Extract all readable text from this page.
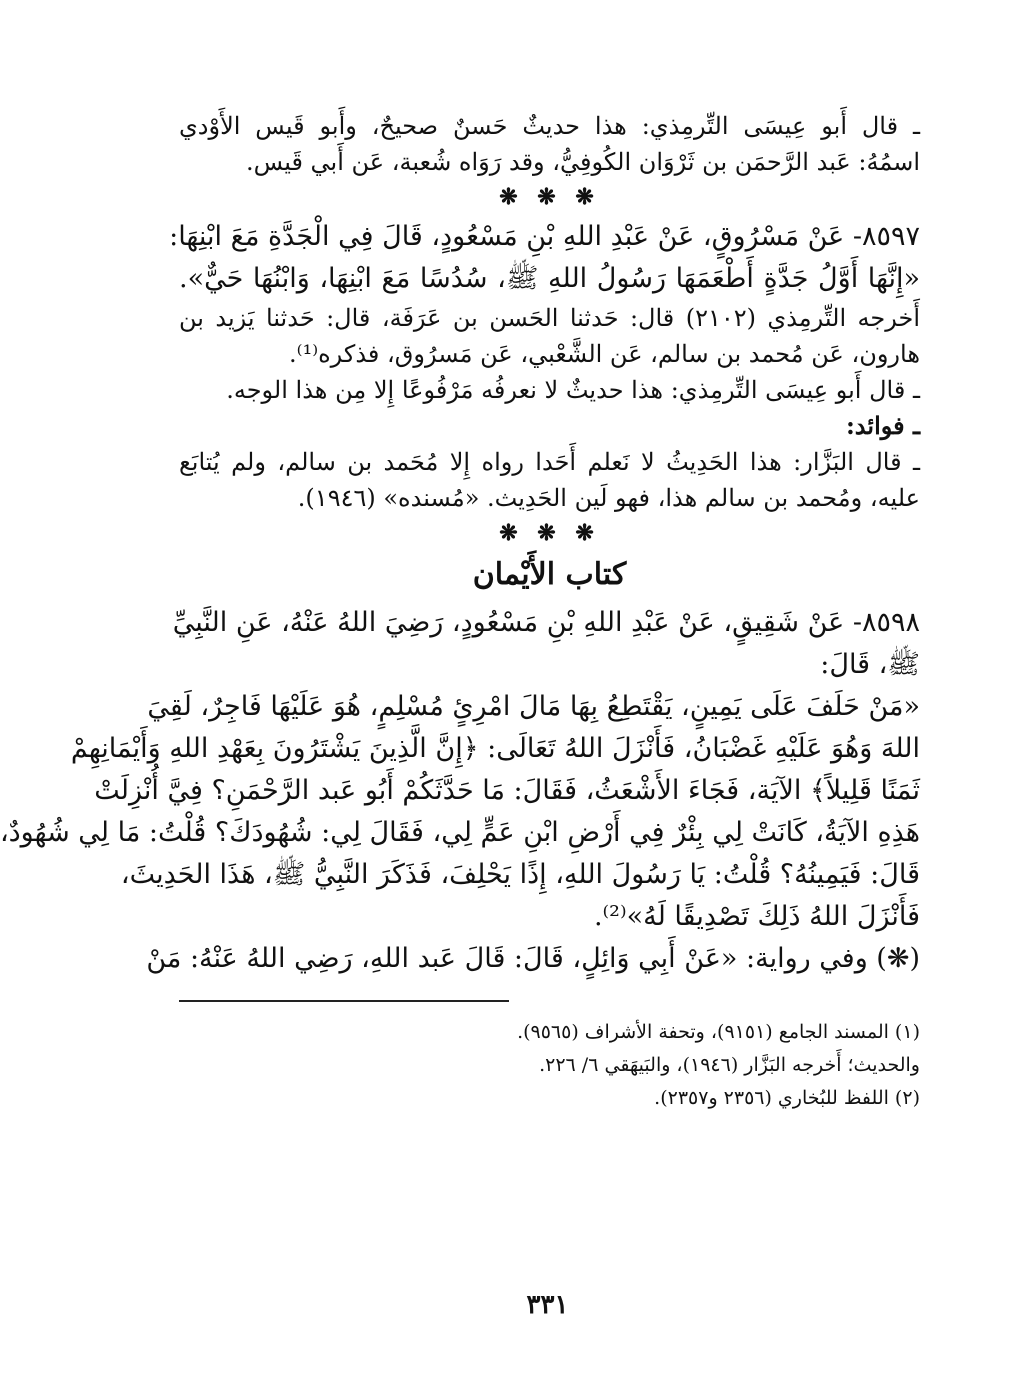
ـ قال أَبو عِيسَى التِّرمِذي: هذا حديثٌ حَسنٌ صحيحٌ، وأَبو قَيس الأَوْدي
اسمُهُ: عَبد الرَّحمَن بن ثَرْوَان الكُوفِيُّ، وقد رَوَاه شُعبة، عَن أَبي قَيس.
❋ ❋ ❋
٨٥٩٧- عَنْ مَسْرُوقٍ، عَنْ عَبْدِ اللهِ بْنِ مَسْعُودٍ، قَالَ فِي الْجَدَّةِ مَعَ ابْنِهَا:
«إِنَّهَا أَوَّلُ جَدَّةٍ أَطْعَمَهَا رَسُولُ اللهِ ﷺ، سُدُسًا مَعَ ابْنِهَا، وَابْنُهَا حَيٌّ».
أَخرجه التِّرمِذي (٢١٠٢) قال: حَدثنا الحَسن بن عَرَفَة، قال: حَدثنا يَزيد بن
هارون، عَن مُحمد بن سالم، عَن الشَّعْبي، عَن مَسرُوق، فذكره⁽¹⁾.
ـ قال أَبو عِيسَى التِّرمِذي: هذا حديثٌ لا نعرفُه مَرْفُوعًا إِلا مِن هذا الوجه.
ـ فوائد:
ـ قال البَزَّار: هذا الحَدِيثُ لا نَعلم أَحَدا رواه إِلا مُحَمد بن سالم، ولم يُتابَع
عليه، ومُحمد بن سالم هذا، فهو لَين الحَدِيث. «مُسنده» (١٩٤٦).
❋ ❋ ❋
كتاب الأَيْمان
٨٥٩٨- عَنْ شَقِيقٍ، عَنْ عَبْدِ اللهِ بْنِ مَسْعُودٍ، رَضِيَ اللهُ عَنْهُ، عَنِ النَّبِيِّ
ﷺ، قَالَ:
«مَنْ حَلَفَ عَلَى يَمِينٍ، يَقْتَطِعُ بِهَا مَالَ امْرِئٍ مُسْلِمٍ، هُوَ عَلَيْهَا فَاجِرٌ، لَقِيَ
اللهَ وَهُوَ عَلَيْهِ غَضْبَانُ، فَأَنْزَلَ اللهُ تَعَالَى: ﴿إِنَّ الَّذِينَ يَشْتَرُونَ بِعَهْدِ اللهِ وَأَيْمَانِهِمْ
ثَمَنًا قَلِيلاً﴾ الآيَة، فَجَاءَ الأَشْعَثُ، فَقَالَ: مَا حَدَّثَكُمْ أَبُو عَبد الرَّحْمَنِ؟ فِيَّ أُنْزِلَتْ
هَذِهِ الآيَةُ، كَانَتْ لِي بِئْرٌ فِي أَرْضِ ابْنِ عَمٍّ لِي، فَقَالَ لِي: شُهُودَكَ؟ قُلْتُ: مَا لِي شُهُودٌ،
قَالَ: فَيَمِينُهُ؟ قُلْتُ: يَا رَسُولَ اللهِ، إِذًا يَحْلِفَ، فَذَكَرَ النَّبِيُّ ﷺ، هَذَا الحَدِيثَ،
فَأَنْزَلَ اللهُ ذَلِكَ تَصْدِيقًا لَهُ»⁽²⁾.
(❋) وفي رواية: «عَنْ أَبِي وَائِلٍ، قَالَ: قَالَ عَبد اللهِ، رَضِي اللهُ عَنْهُ: مَنْ
(١) المسند الجامع (٩١٥١)، وتحفة الأشراف (٩٥٦٥).
والحديث؛ أَخرجه البَزَّار (١٩٤٦)، والبَيهَقي ٦/ ٢٢٦.
(٢) اللفظ للبُخاري (٢٣٥٦ و٢٣٥٧).
٣٣١
